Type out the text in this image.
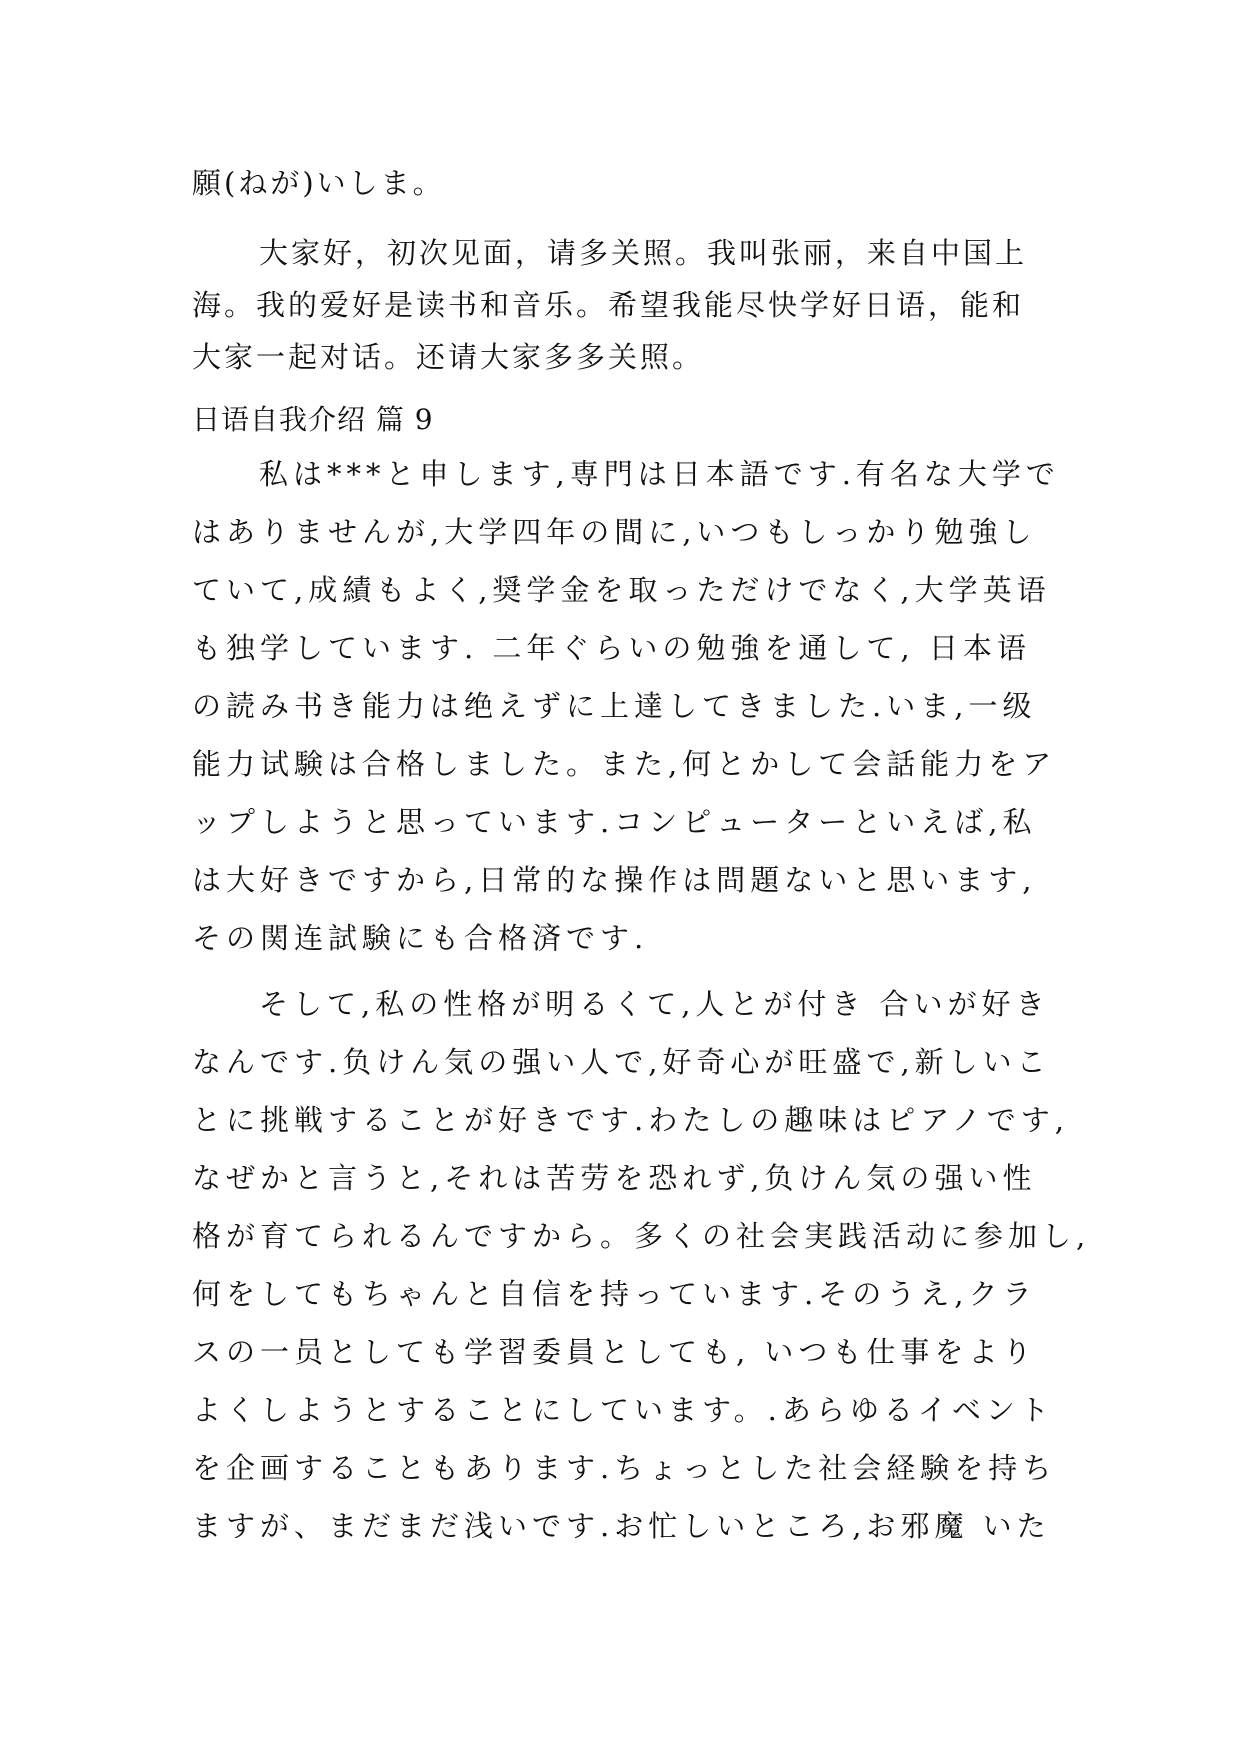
願(ねが)いしま。
大家好，初次见面，请多关照。我叫张丽，来自中国上
海。我的爱好是读书和音乐。希望我能尽快学好日语，能和
大家一起对话。还请大家多多关照。
日语自我介绍 篇 9
私は***と申します,専門は日本語です.有名な大学で
はありませんが,大学四年の間に,いつもしっかり勉強し
ていて,成績もよく,奨学金を取っただけでなく,大学英语
も独学しています. 二年ぐらいの勉強を通して, 日本语
の読み书き能力は绝えずに上達してきました.いま,一级
能力试験は合格しました。また,何とかして会話能力をア
ップしようと思っています.コンピューターといえば,私
は大好きですから,日常的な操作は問題ないと思います,
その関连試験にも合格済です.
そして,私の性格が明るくて,人とが付き 合いが好き
なんです.负けん気の强い人で,好奇心が旺盛で,新しいこ
とに挑戦することが好きです.わたしの趣味はピアノです,
なぜかと言うと,それは苦劳を恐れず,负けん気の强い性
格が育てられるんですから。多くの社会実践活动に参加し,
何をしてもちゃんと自信を持っています.そのうえ,クラ
スの一员としても学習委員としても, いつも仕事をより
よくしようとすることにしています。.あらゆるイベント
を企画することもあります.ちょっとした社会経験を持ち
ますが、まだまだ浅いです.お忙しいところ,お邪魔 いた
